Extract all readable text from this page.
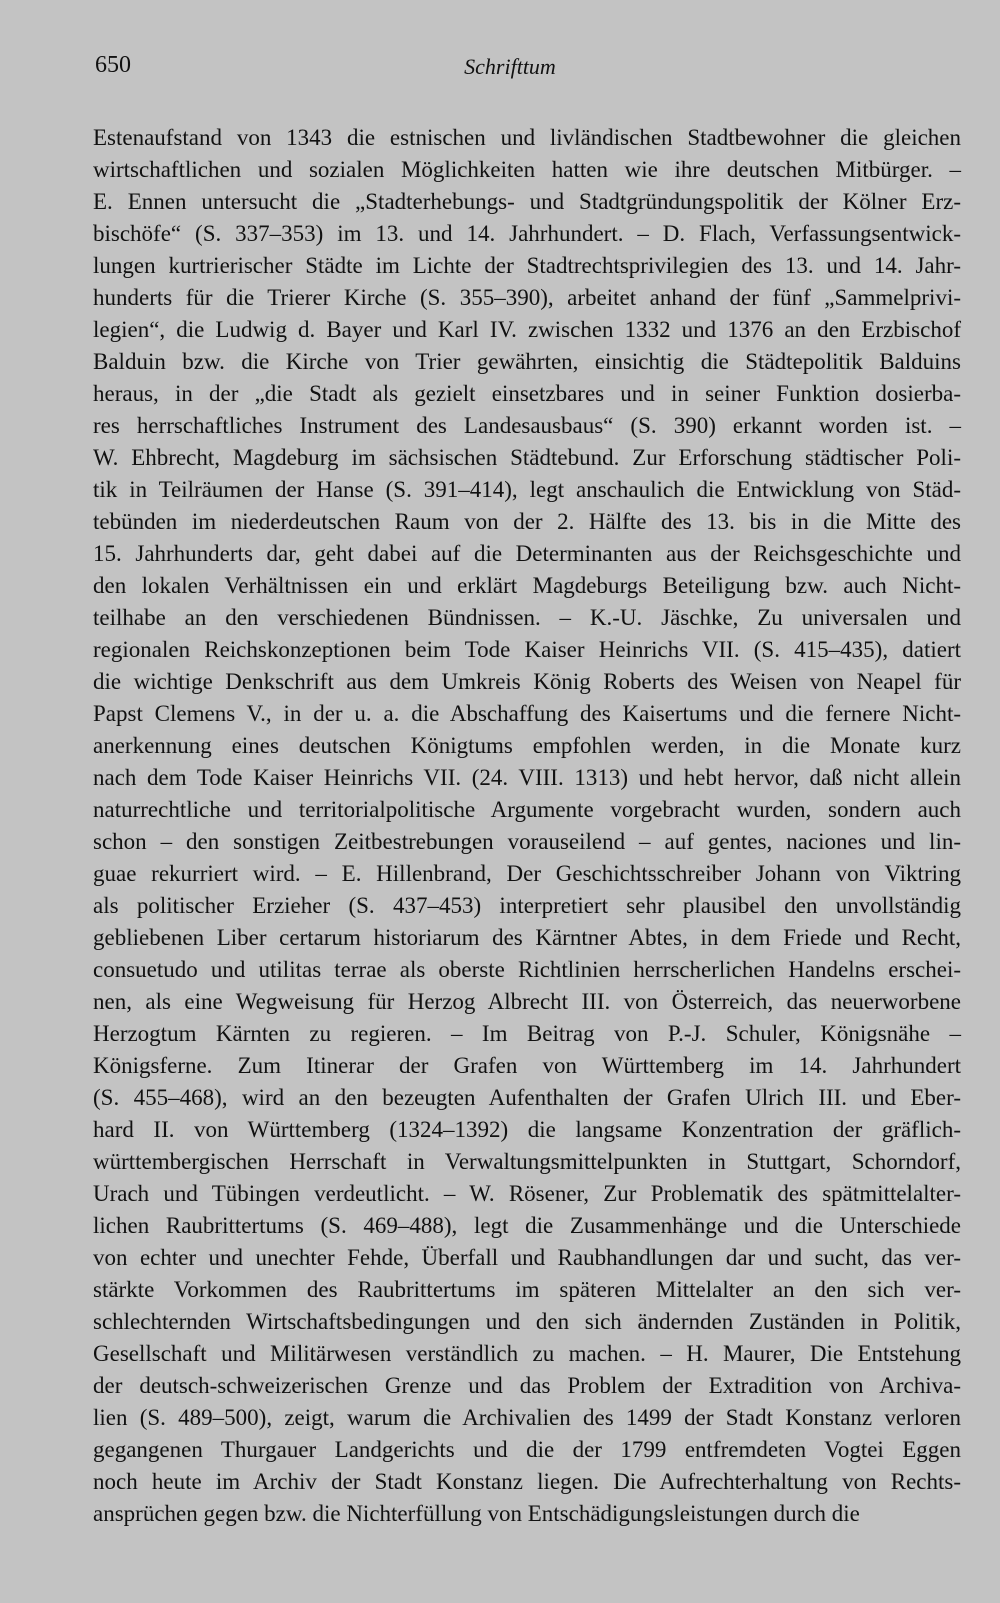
650	Schrifttum

Estenaufstand von 1343 die estnischen und livländischen Stadtbewohner die gleichen
wirtschaftlichen und sozialen Möglichkeiten hatten wie ihre deutschen Mitbürger. –
E. Ennen untersucht die „Stadterhebungs- und Stadtgründungspolitik der Kölner Erz-
bischöfe“ (S. 337–353) im 13. und 14. Jahrhundert. – D. Flach, Verfassungsentwick-
lungen kurtrierischer Städte im Lichte der Stadtrechtsprivilegien des 13. und 14. Jahr-
hunderts für die Trierer Kirche (S. 355–390), arbeitet anhand der fünf „Sammelprivi-
legien“, die Ludwig d. Bayer und Karl IV. zwischen 1332 und 1376 an den Erzbischof
Balduin bzw. die Kirche von Trier gewährten, einsichtig die Städtepolitik Balduins
heraus, in der „die Stadt als gezielt einsetzbares und in seiner Funktion dosierba-
res herrschaftliches Instrument des Landesausbaus“ (S. 390) erkannt worden ist. –
W. Ehbrecht, Magdeburg im sächsischen Städtebund. Zur Erforschung städtischer Poli-
tik in Teilräumen der Hanse (S. 391–414), legt anschaulich die Entwicklung von Städ-
tebünden im niederdeutschen Raum von der 2. Hälfte des 13. bis in die Mitte des
15. Jahrhunderts dar, geht dabei auf die Determinanten aus der Reichsgeschichte und
den lokalen Verhältnissen ein und erklärt Magdeburgs Beteiligung bzw. auch Nicht-
teilhabe an den verschiedenen Bündnissen. – K.-U. Jäschke, Zu universalen und
regionalen Reichskonzeptionen beim Tode Kaiser Heinrichs VII. (S. 415–435), datiert
die wichtige Denkschrift aus dem Umkreis König Roberts des Weisen von Neapel für
Papst Clemens V., in der u. a. die Abschaffung des Kaisertums und die fernere Nicht-
anerkennung eines deutschen Königtums empfohlen werden, in die Monate kurz
nach dem Tode Kaiser Heinrichs VII. (24. VIII. 1313) und hebt hervor, daß nicht allein
naturrechtliche und territorialpolitische Argumente vorgebracht wurden, sondern auch
schon – den sonstigen Zeitbestrebungen vorauseilend – auf gentes, naciones und lin-
guae rekurriert wird. – E. Hillenbrand, Der Geschichtsschreiber Johann von Viktring
als politischer Erzieher (S. 437–453) interpretiert sehr plausibel den unvollständig
gebliebenen Liber certarum historiarum des Kärntner Abtes, in dem Friede und Recht,
consuetudo und utilitas terrae als oberste Richtlinien herrscherlichen Handelns erschei-
nen, als eine Wegweisung für Herzog Albrecht III. von Österreich, das neuerworbene
Herzogtum Kärnten zu regieren. – Im Beitrag von P.-J. Schuler, Königsnähe –
Königsferne. Zum Itinerar der Grafen von Württemberg im 14. Jahrhundert
(S. 455–468), wird an den bezeugten Aufenthalten der Grafen Ulrich III. und Eber-
hard II. von Württemberg (1324–1392) die langsame Konzentration der gräflich-
württembergischen Herrschaft in Verwaltungsmittelpunkten in Stuttgart, Schorndorf,
Urach und Tübingen verdeutlicht. – W. Rösener, Zur Problematik des spätmittelalter-
lichen Raubrittertums (S. 469–488), legt die Zusammenhänge und die Unterschiede
von echter und unechter Fehde, Überfall und Raubhandlungen dar und sucht, das ver-
stärkte Vorkommen des Raubrittertums im späteren Mittelalter an den sich ver-
schlechternden Wirtschaftsbedingungen und den sich ändernden Zuständen in Politik,
Gesellschaft und Militärwesen verständlich zu machen. – H. Maurer, Die Entstehung
der deutsch-schweizerischen Grenze und das Problem der Extradition von Archiva-
lien (S. 489–500), zeigt, warum die Archivalien des 1499 der Stadt Konstanz verloren
gegangenen Thurgauer Landgerichts und die der 1799 entfremdeten Vogtei Eggen
noch heute im Archiv der Stadt Konstanz liegen. Die Aufrechterhaltung von Rechts-
ansprüchen gegen bzw. die Nichterfüllung von Entschädigungsleistungen durch die
